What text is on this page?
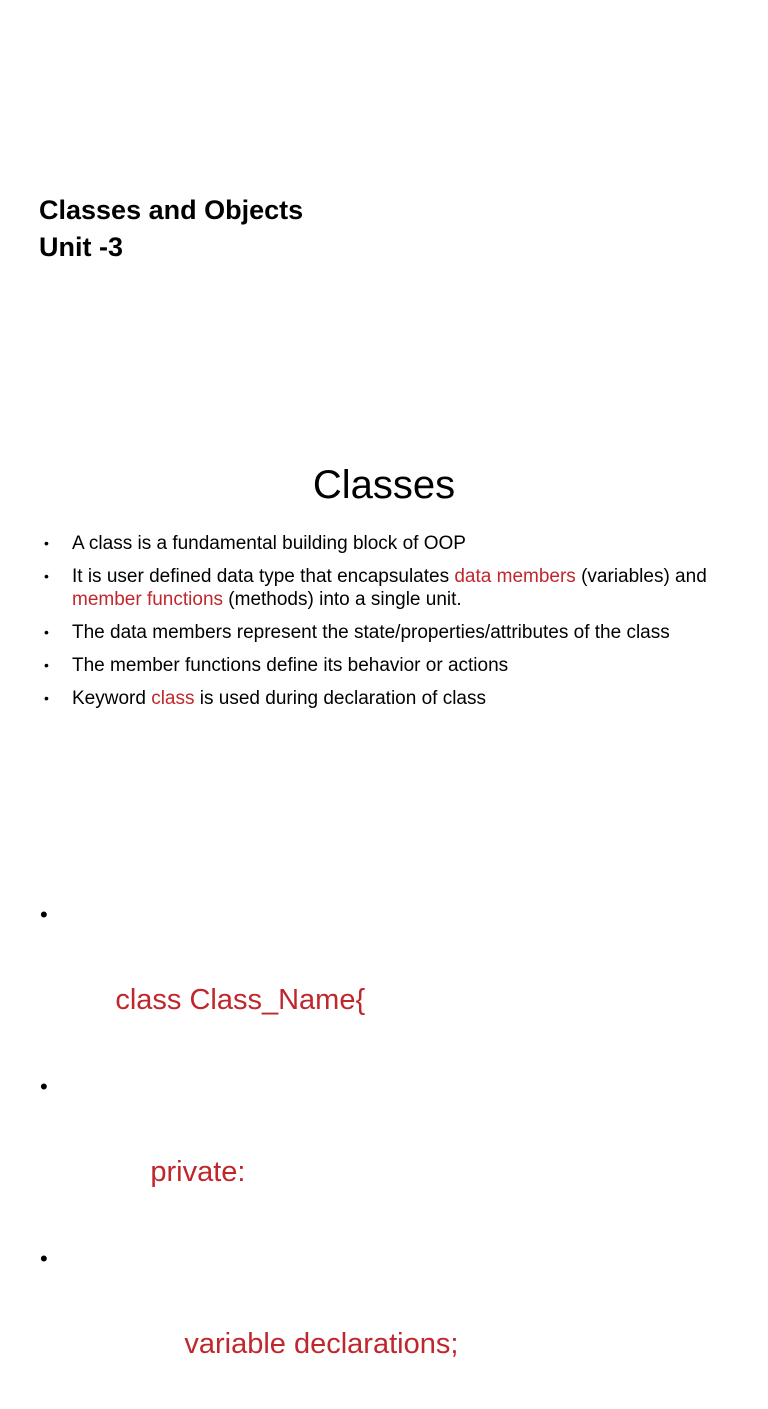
Classes and Objects
Unit -3
Classes
• A class is a fundamental building block of OOP
• It is user defined data type that encapsulates data members (variables) and member functions (methods) into a single unit.
• The data members represent the state/properties/attributes of the class
• The member functions define its behavior or actions
• Keyword class is used during declaration of class

•

class Class_Name{

•

private:

•

variable declarations;
